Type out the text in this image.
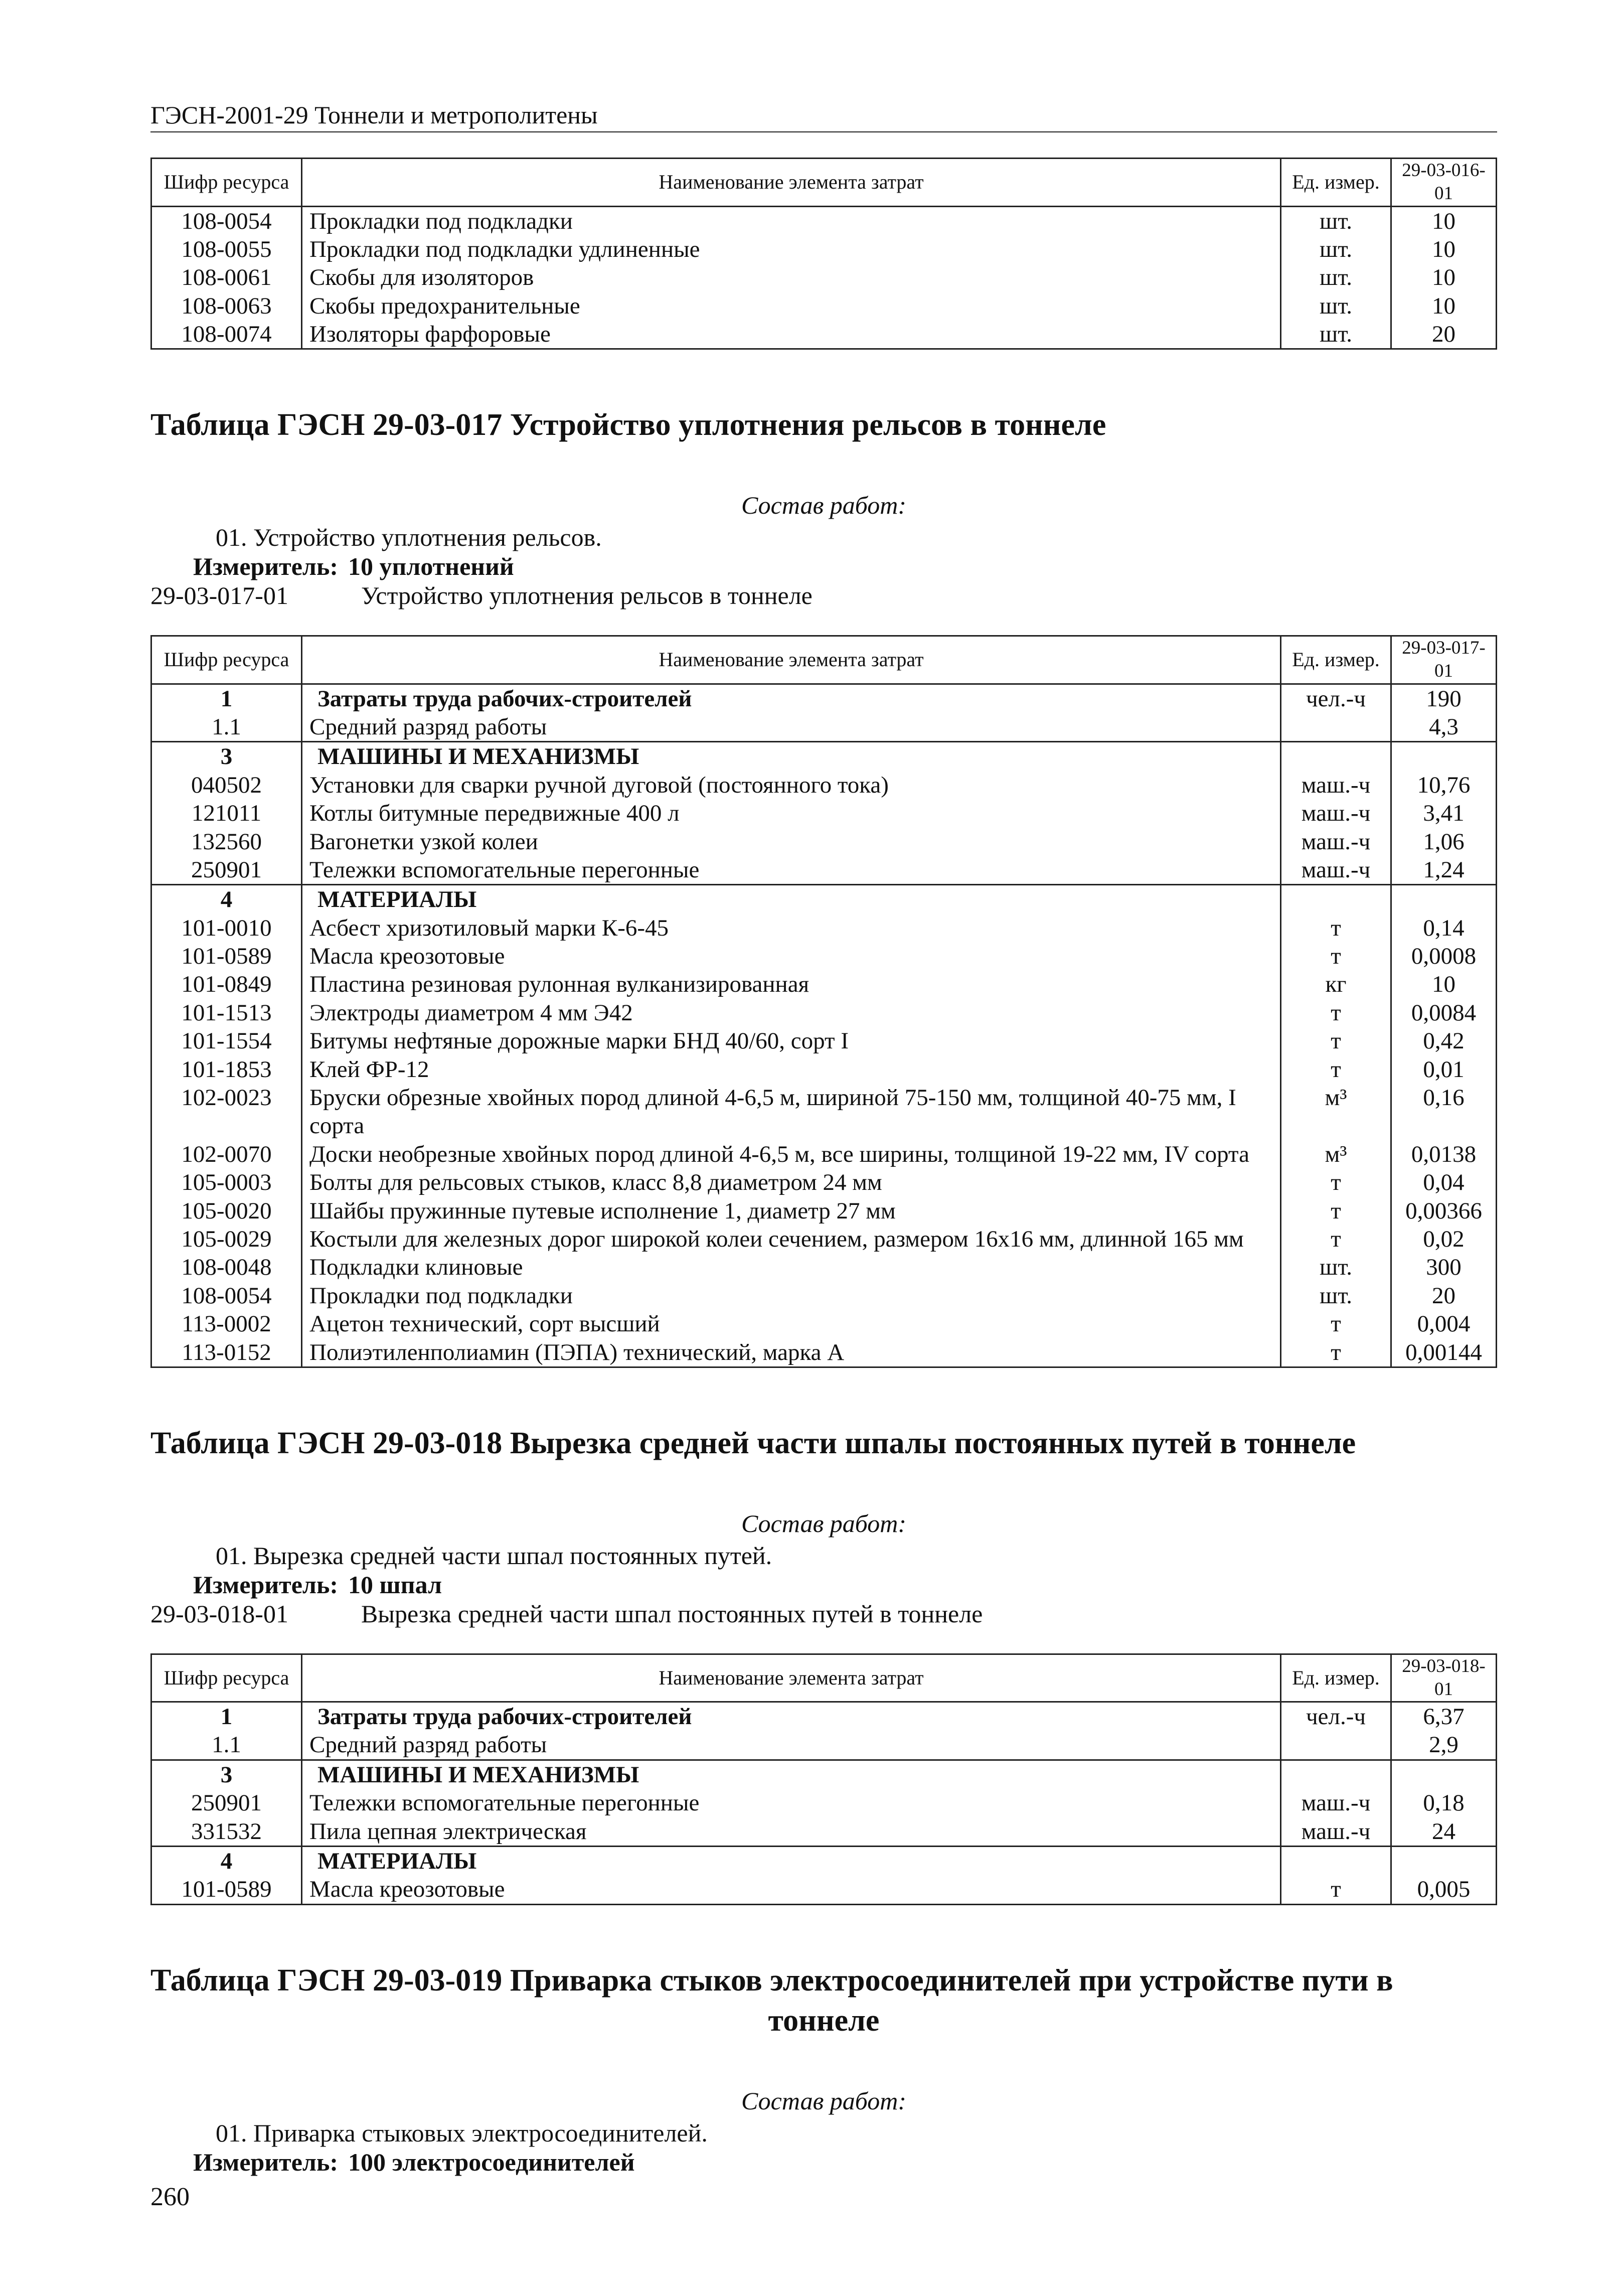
ГЭСН-2001-29 Тоннели и метрополитены
Шифр ресурса	Наименование элемента затрат	Ед. измер.	29-03-016-01
108-0054	Прокладки под подкладки	шт.	10
108-0055	Прокладки под подкладки удлиненные	шт.	10
108-0061	Скобы для изоляторов	шт.	10
108-0063	Скобы предохранительные	шт.	10
108-0074	Изоляторы фарфоровые	шт.	20
Таблица ГЭСН 29-03-017 Устройство уплотнения рельсов в тоннеле
Состав работ:
01. Устройство уплотнения рельсов.
Измеритель: 10 уплотнений
29-03-017-01	Устройство уплотнения рельсов в тоннеле
Шифр ресурса	Наименование элемента затрат	Ед. измер.	29-03-017-01
1	Затраты труда рабочих-строителей	чел.-ч	190
1.1	Средний разряд работы		4,3
3	МАШИНЫ И МЕХАНИЗМЫ		
040502	Установки для сварки ручной дуговой (постоянного тока)	маш.-ч	10,76
121011	Котлы битумные передвижные 400 л	маш.-ч	3,41
132560	Вагонетки узкой колеи	маш.-ч	1,06
250901	Тележки вспомогательные перегонные	маш.-ч	1,24
4	МАТЕРИАЛЫ		
101-0010	Асбест хризотиловый марки К-6-45	т	0,14
101-0589	Масла креозотовые	т	0,0008
101-0849	Пластина резиновая рулонная вулканизированная	кг	10
101-1513	Электроды диаметром 4 мм Э42	т	0,0084
101-1554	Битумы нефтяные дорожные марки БНД 40/60, сорт I	т	0,42
101-1853	Клей ФР-12	т	0,01
102-0023	Бруски обрезные хвойных пород длиной 4-6,5 м, шириной 75-150 мм, толщиной 40-75 мм, I сорта	м³	0,16
102-0070	Доски необрезные хвойных пород длиной 4-6,5 м, все ширины, толщиной 19-22 мм, IV сорта	м³	0,0138
105-0003	Болты для рельсовых стыков, класс 8,8 диаметром 24 мм	т	0,04
105-0020	Шайбы пружинные путевые исполнение 1, диаметр 27 мм	т	0,00366
105-0029	Костыли для железных дорог широкой колеи сечением, размером 16х16 мм, длинной 165 мм	т	0,02
108-0048	Подкладки клиновые	шт.	300
108-0054	Прокладки под подкладки	шт.	20
113-0002	Ацетон технический, сорт высший	т	0,004
113-0152	Полиэтиленполиамин (ПЭПА) технический, марка А	т	0,00144
Таблица ГЭСН 29-03-018 Вырезка средней части шпалы постоянных путей в тоннеле
Состав работ:
01. Вырезка средней части шпал постоянных путей.
Измеритель: 10 шпал
29-03-018-01	Вырезка средней части шпал постоянных путей в тоннеле
Шифр ресурса	Наименование элемента затрат	Ед. измер.	29-03-018-01
1	Затраты труда рабочих-строителей	чел.-ч	6,37
1.1	Средний разряд работы		2,9
3	МАШИНЫ И МЕХАНИЗМЫ		
250901	Тележки вспомогательные перегонные	маш.-ч	0,18
331532	Пила цепная электрическая	маш.-ч	24
4	МАТЕРИАЛЫ		
101-0589	Масла креозотовые	т	0,005
Таблица ГЭСН 29-03-019 Приварка стыков электросоединителей при устройстве пути в
тоннеле
Состав работ:
01. Приварка стыковых электросоединителей.
Измеритель: 100 электросоединителей
260
